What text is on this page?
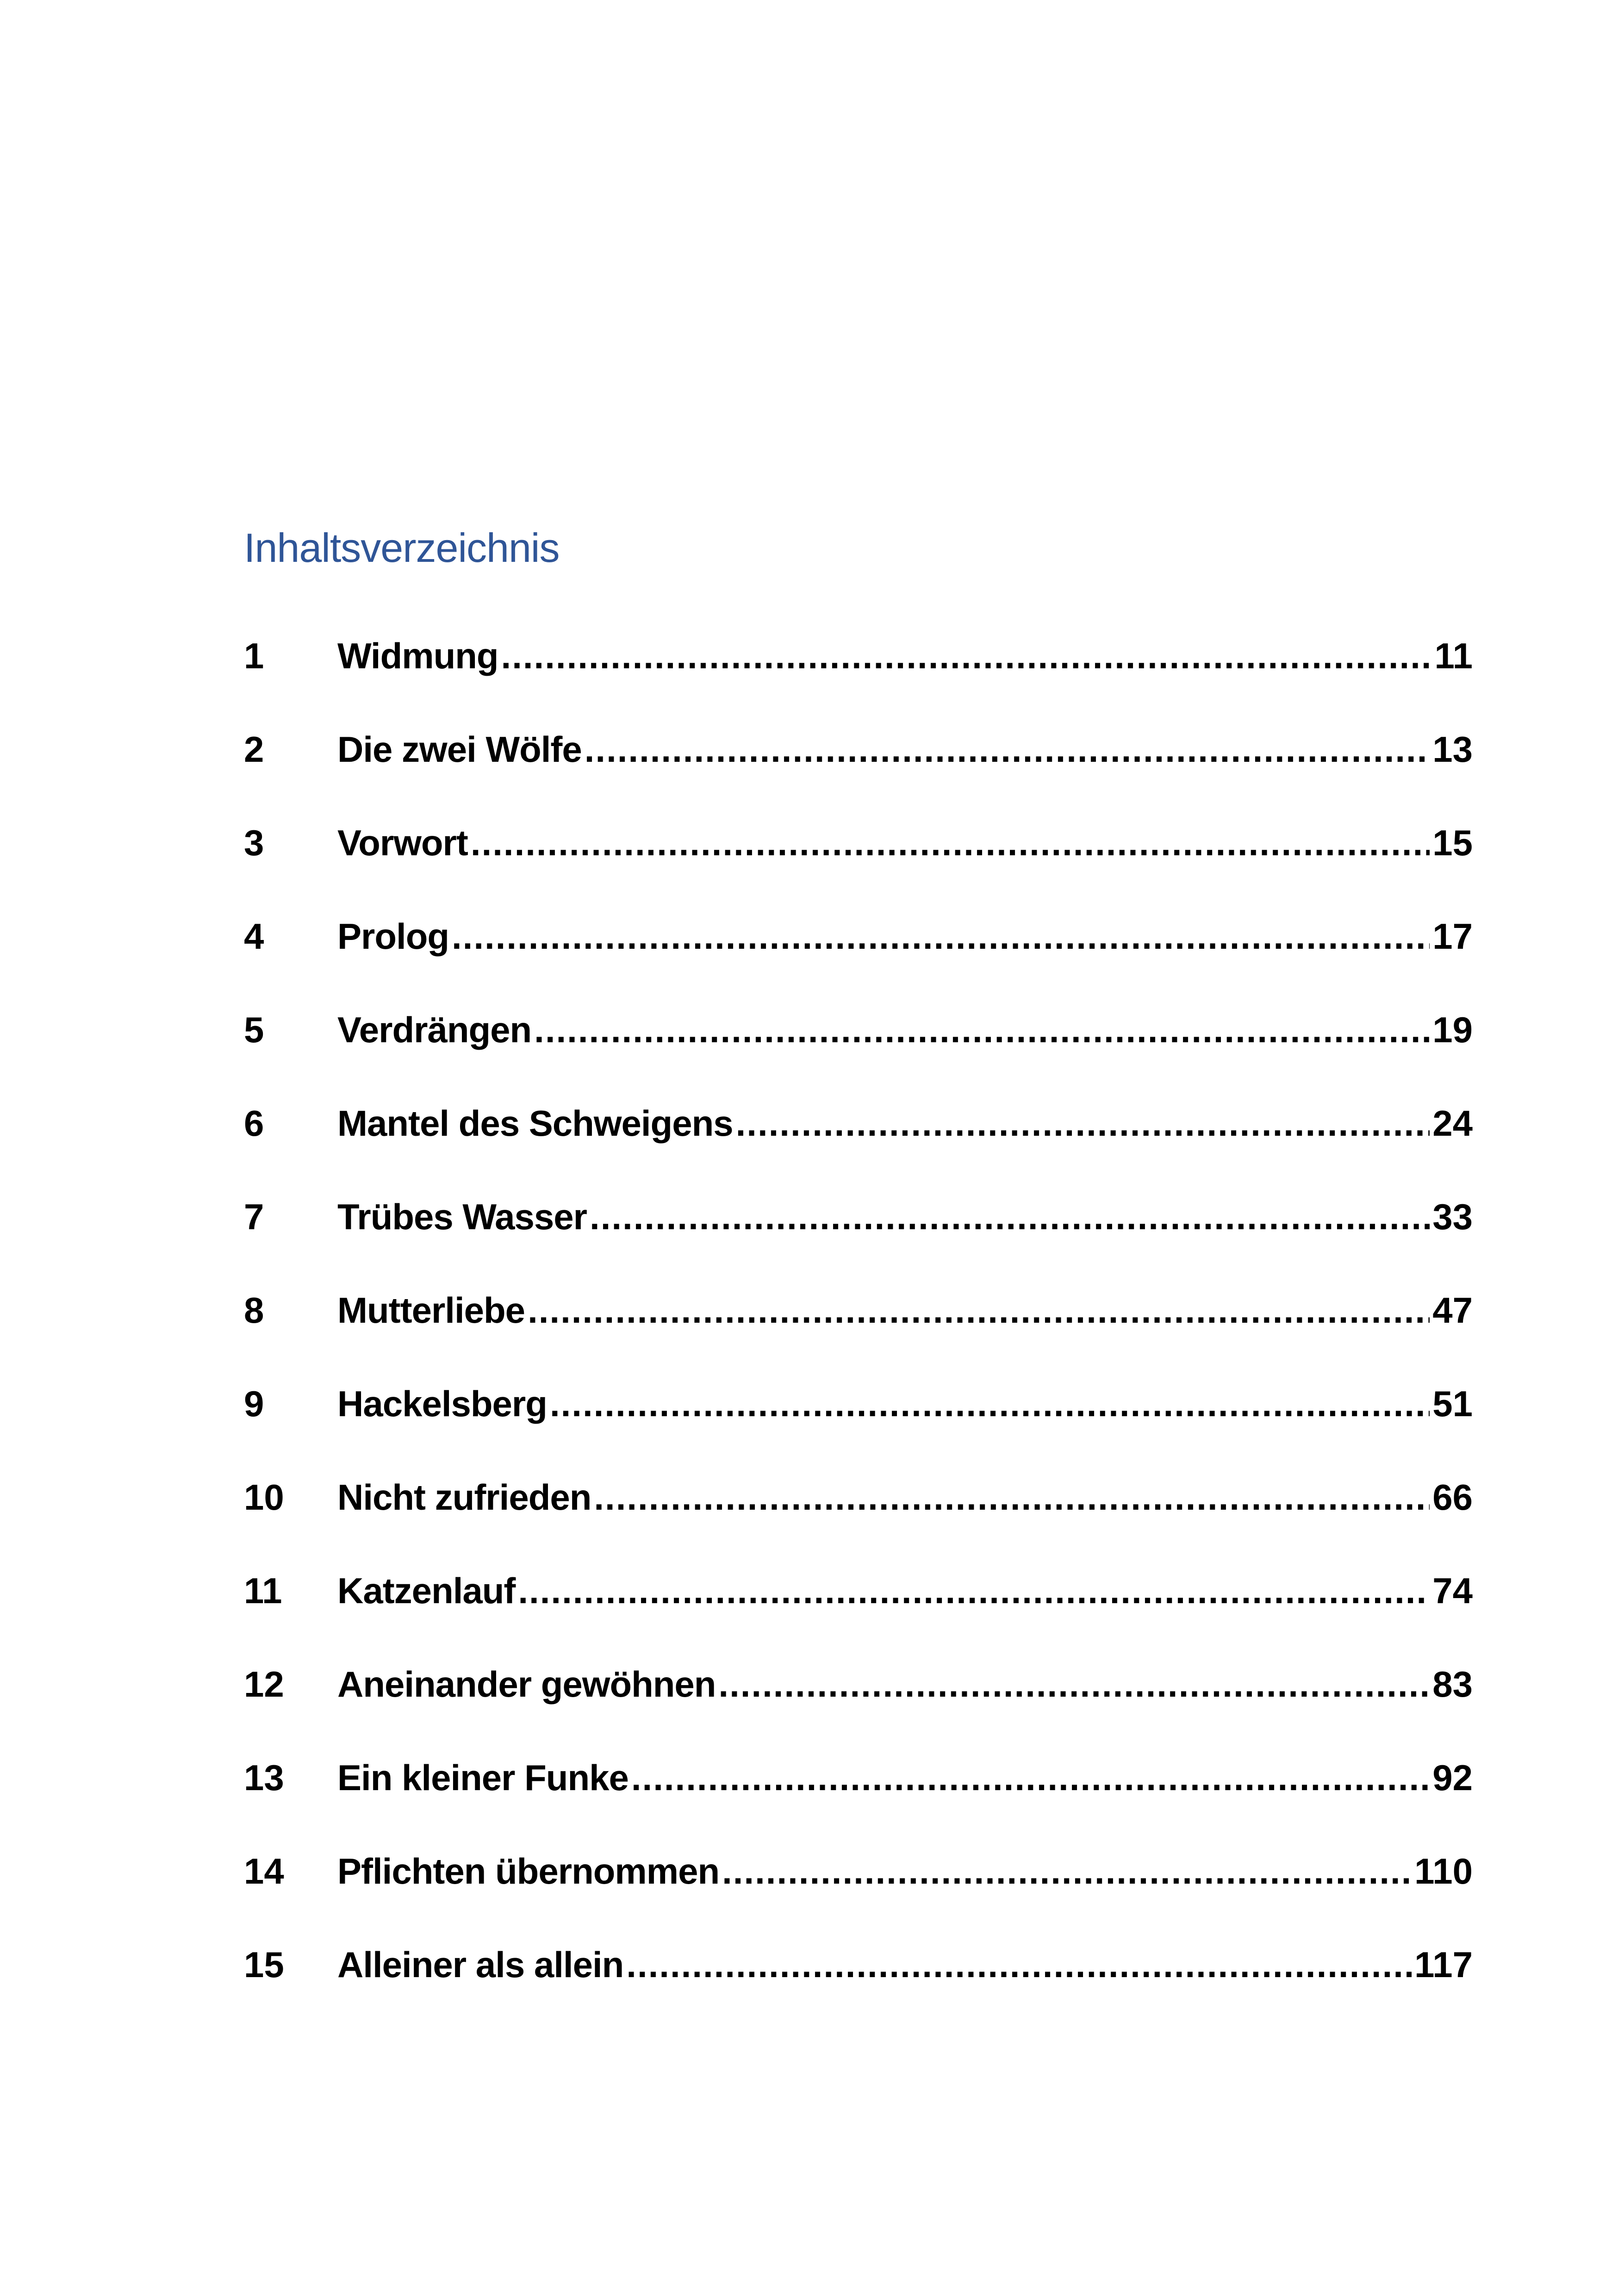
Inhaltsverzeichnis
1	Widmung .....	11
2	Die zwei Wölfe .....	13
3	Vorwort .....	15
4	Prolog .....	17
5	Verdrängen .....	19
6	Mantel des Schweigens .....	24
7	Trübes Wasser .....	33
8	Mutterliebe .....	47
9	Hackelsberg .....	51
10	Nicht zufrieden .....	66
11	Katzenlauf .....	74
12	Aneinander gewöhnen .....	83
13	Ein kleiner Funke .....	92
14	Pflichten übernommen .....	110
15	Alleiner als allein .....	117
